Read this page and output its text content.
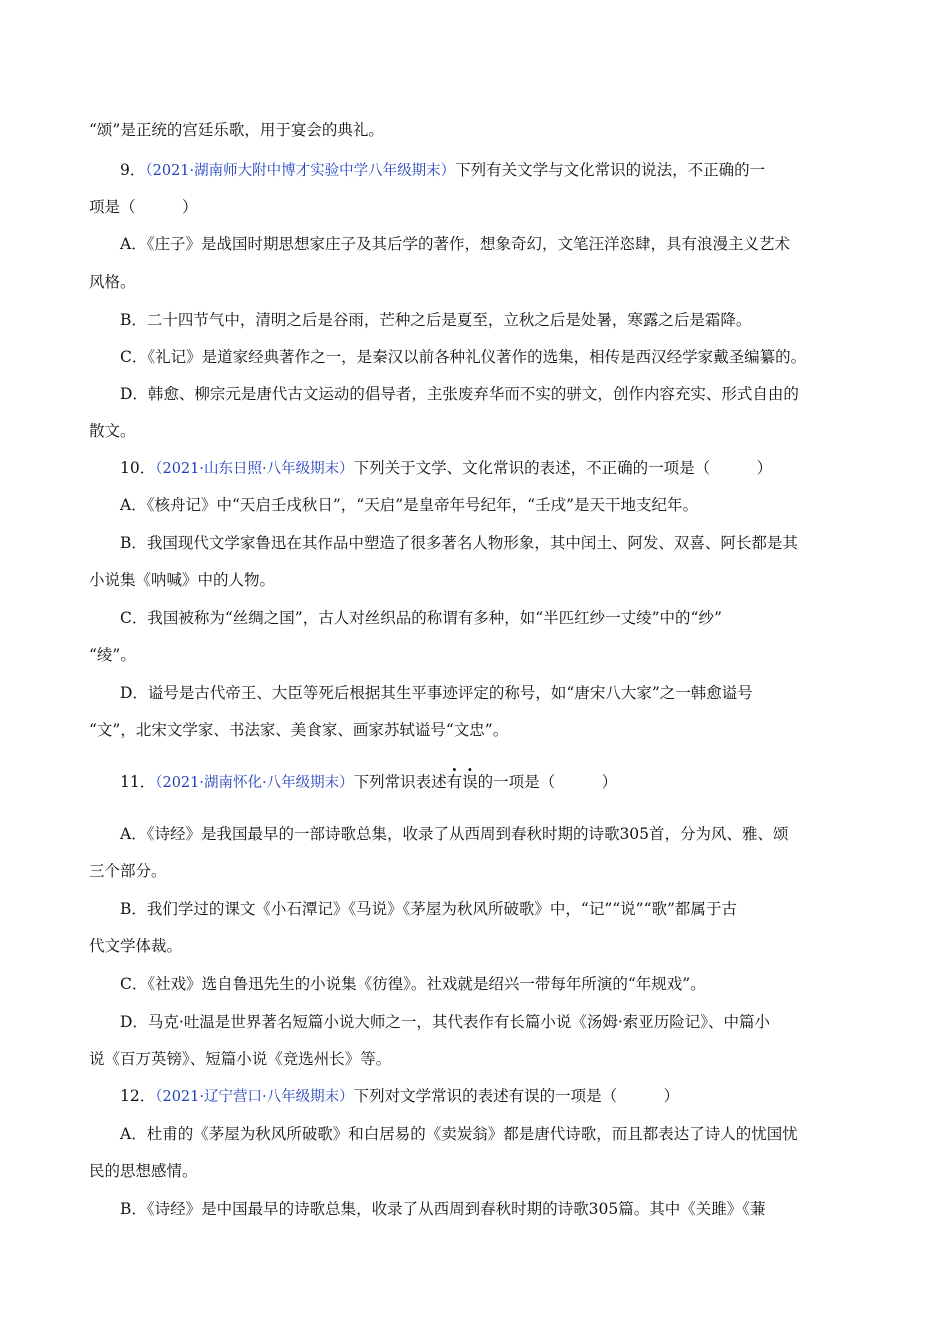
“颂”是正统的宫廷乐歌，用于宴会的典礼。
9．（2021·湖南师大附中博才实验中学八年级期末）下列有关文学与文化常识的说法，不正确的一
项是（　　　）
A．《庄子》是战国时期思想家庄子及其后学的著作，想象奇幻，文笔汪洋恣肆，具有浪漫主义艺术
风格。
B．二十四节气中，清明之后是谷雨，芒种之后是夏至，立秋之后是处暑，寒露之后是霜降。
C．《礼记》是道家经典著作之一，是秦汉以前各种礼仪著作的选集，相传是西汉经学家戴圣编纂的。
D．韩愈、柳宗元是唐代古文运动的倡导者，主张废弃华而不实的骈文，创作内容充实、形式自由的
散文。
10．（2021·山东日照·八年级期末）下列关于文学、文化常识的表述，不正确的一项是（　　　）
A．《核舟记》中“天启壬戌秋日”，“天启”是皇帝年号纪年，“壬戌”是天干地支纪年。
B．我国现代文学家鲁迅在其作品中塑造了很多著名人物形象，其中闰土、阿发、双喜、阿长都是其
小说集《呐喊》中的人物。
C．我国被称为“丝绸之国”，古人对丝织品的称谓有多种，如“半匹红纱一丈绫”中的“纱”
“绫”。
D．谥号是古代帝王、大臣等死后根据其生平事迹评定的称号，如“唐宋八大家”之一韩愈谥号
“文”，北宋文学家、书法家、美食家、画家苏轼谥号“文忠”。
11．（2021·湖南怀化·八年级期末）下列常识表述有误的一项是（　　　）
A．《诗经》是我国最早的一部诗歌总集，收录了从西周到春秋时期的诗歌305首，分为风、雅、颂
三个部分。
B．我们学过的课文《小石潭记》《马说》《茅屋为秋风所破歌》中，“记”“说”“歌”都属于古
代文学体裁。
C．《社戏》选自鲁迅先生的小说集《彷徨》。社戏就是绍兴一带每年所演的“年规戏”。
D．马克·吐温是世界著名短篇小说大师之一，其代表作有长篇小说《汤姆·索亚历险记》、中篇小
说《百万英镑》、短篇小说《竞选州长》等。
12．（2021·辽宁营口·八年级期末）下列对文学常识的表述有误的一项是（　　　）
A．杜甫的《茅屋为秋风所破歌》和白居易的《卖炭翁》都是唐代诗歌，而且都表达了诗人的忧国忧
民的思想感情。
B．《诗经》是中国最早的诗歌总集，收录了从西周到春秋时期的诗歌305篇。其中《关雎》《蒹
